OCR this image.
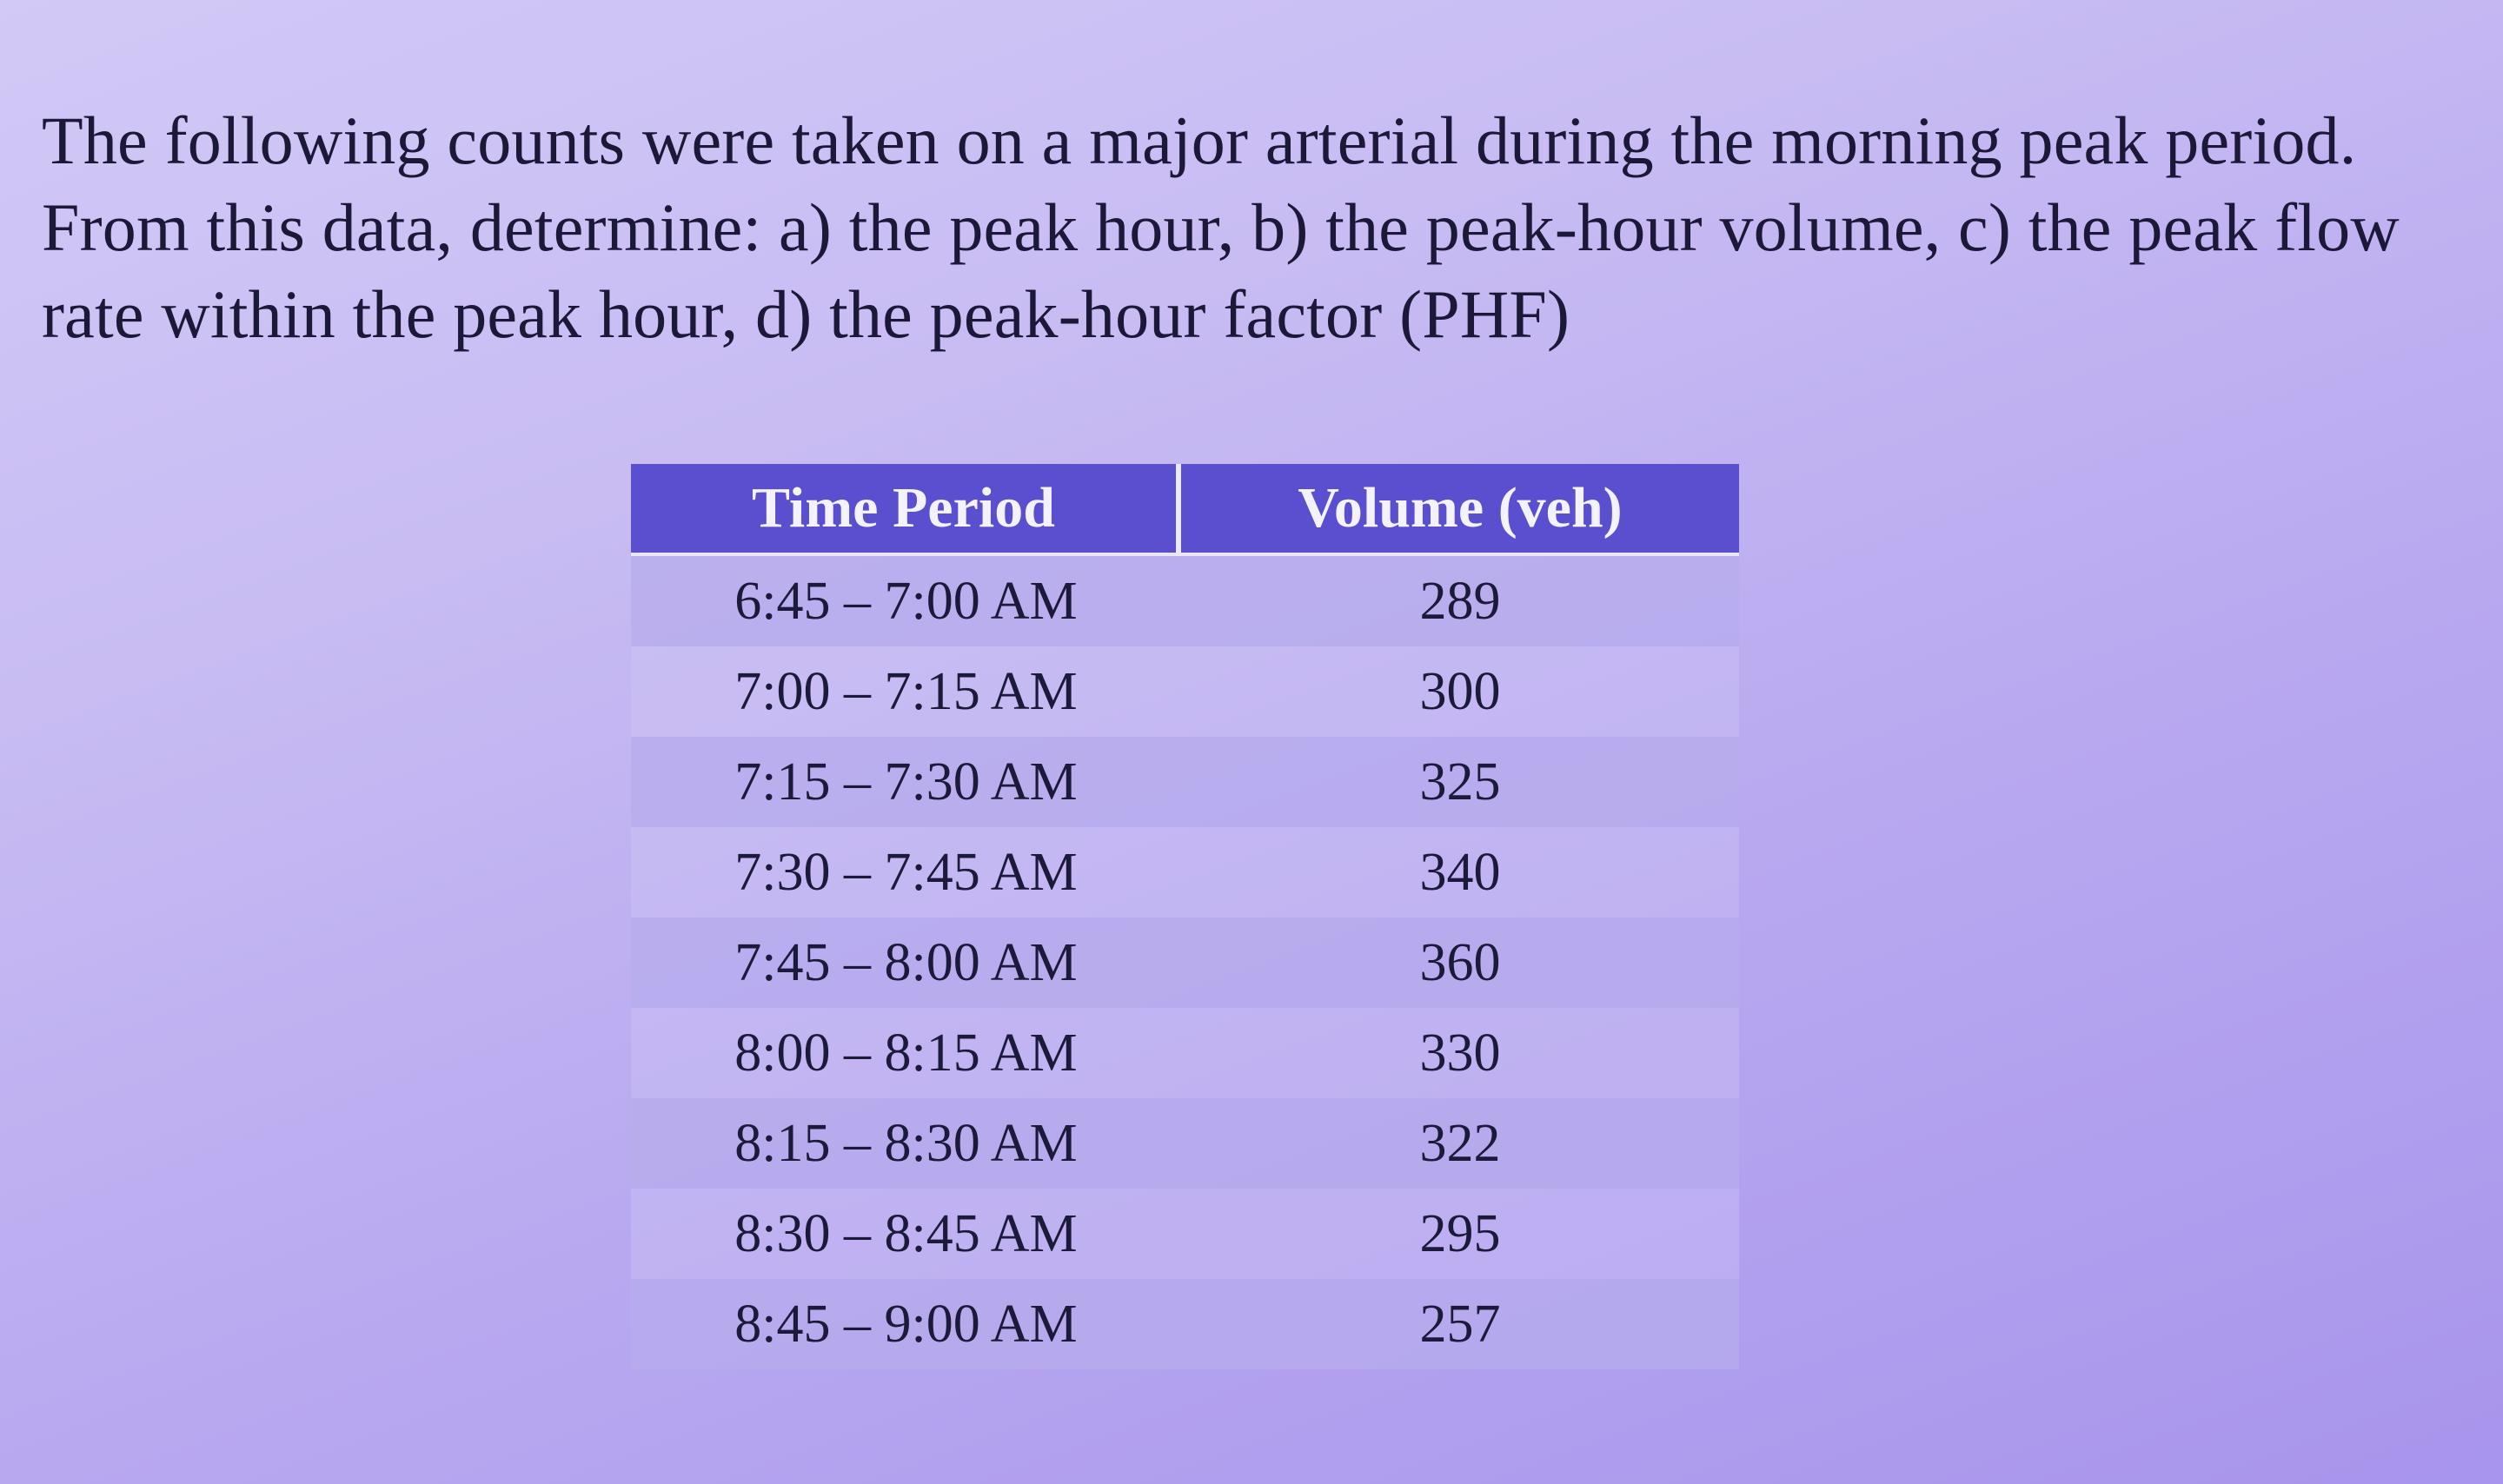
The following counts were taken on a major arterial during the morning peak period. From this data, determine: a) the peak hour, b) the peak-hour volume, c) the peak flow rate within the peak hour, d) the peak-hour factor (PHF)

Time Period	Volume (veh)
6:45 – 7:00 AM	289
7:00 – 7:15 AM	300
7:15 – 7:30 AM	325
7:30 – 7:45 AM	340
7:45 – 8:00 AM	360
8:00 – 8:15 AM	330
8:15 – 8:30 AM	322
8:30 – 8:45 AM	295
8:45 – 9:00 AM	257
